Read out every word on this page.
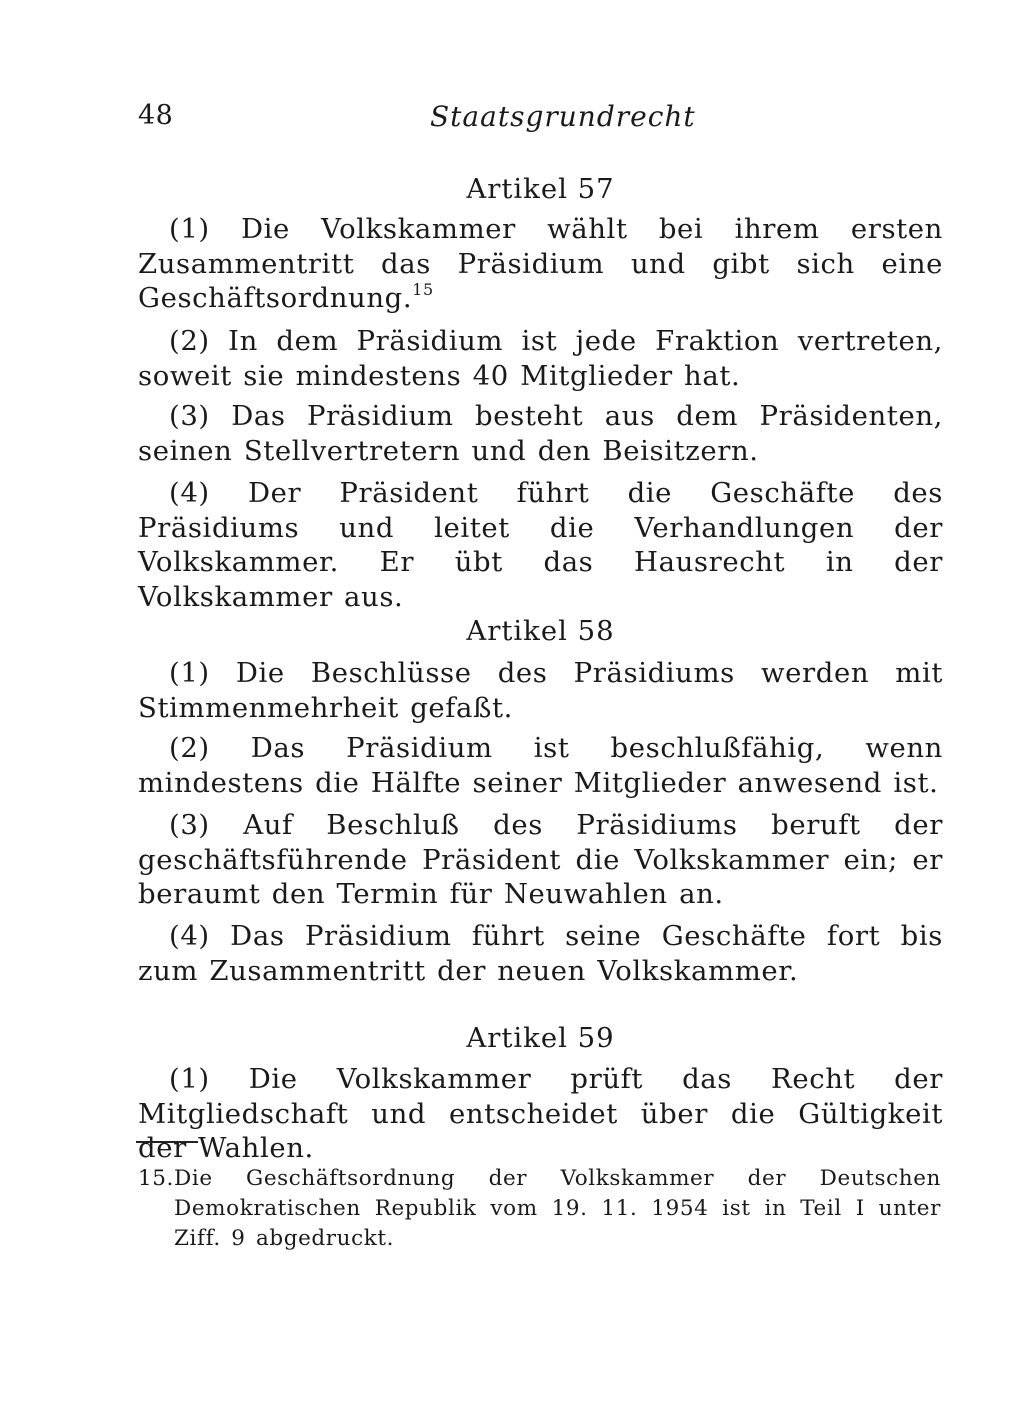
48	Staatsgrundrecht
Artikel 57

(1) Die Volkskammer wählt bei ihrem ersten Zusammentritt das Präsidium und gibt sich eine Geschäftsordnung.$^{15}$

(2) In dem Präsidium ist jede Fraktion vertreten, soweit sie mindestens 40 Mitglieder hat.

(3) Das Präsidium besteht aus dem Präsidenten, seinen Stellvertretern und den Beisitzern.

(4) Der Präsident führt die Geschäfte des Präsidiums und leitet die Verhandlungen der Volkskammer. Er übt das Hausrecht in der Volkskammer aus.

Artikel 58

(1) Die Beschlüsse des Präsidiums werden mit Stimmenmehrheit gefaßt.

(2) Das Präsidium ist beschlußfähig, wenn mindestens die Hälfte seiner Mitglieder anwesend ist.

(3) Auf Beschluß des Präsidiums beruft der geschäftsführende Präsident die Volkskammer ein; er beraumt den Termin für Neuwahlen an.

(4) Das Präsidium führt seine Geschäfte fort bis zum Zusammentritt der neuen Volkskammer.

Artikel 59

(1) Die Volkskammer prüft das Recht der Mitgliedschaft und entscheidet über die Gültigkeit der Wahlen.

15. Die Geschäftsordnung der Volkskammer der Deutschen Demokratischen Republik vom 19. 11. 1954 ist in Teil I unter Ziff. 9 abgedruckt.
